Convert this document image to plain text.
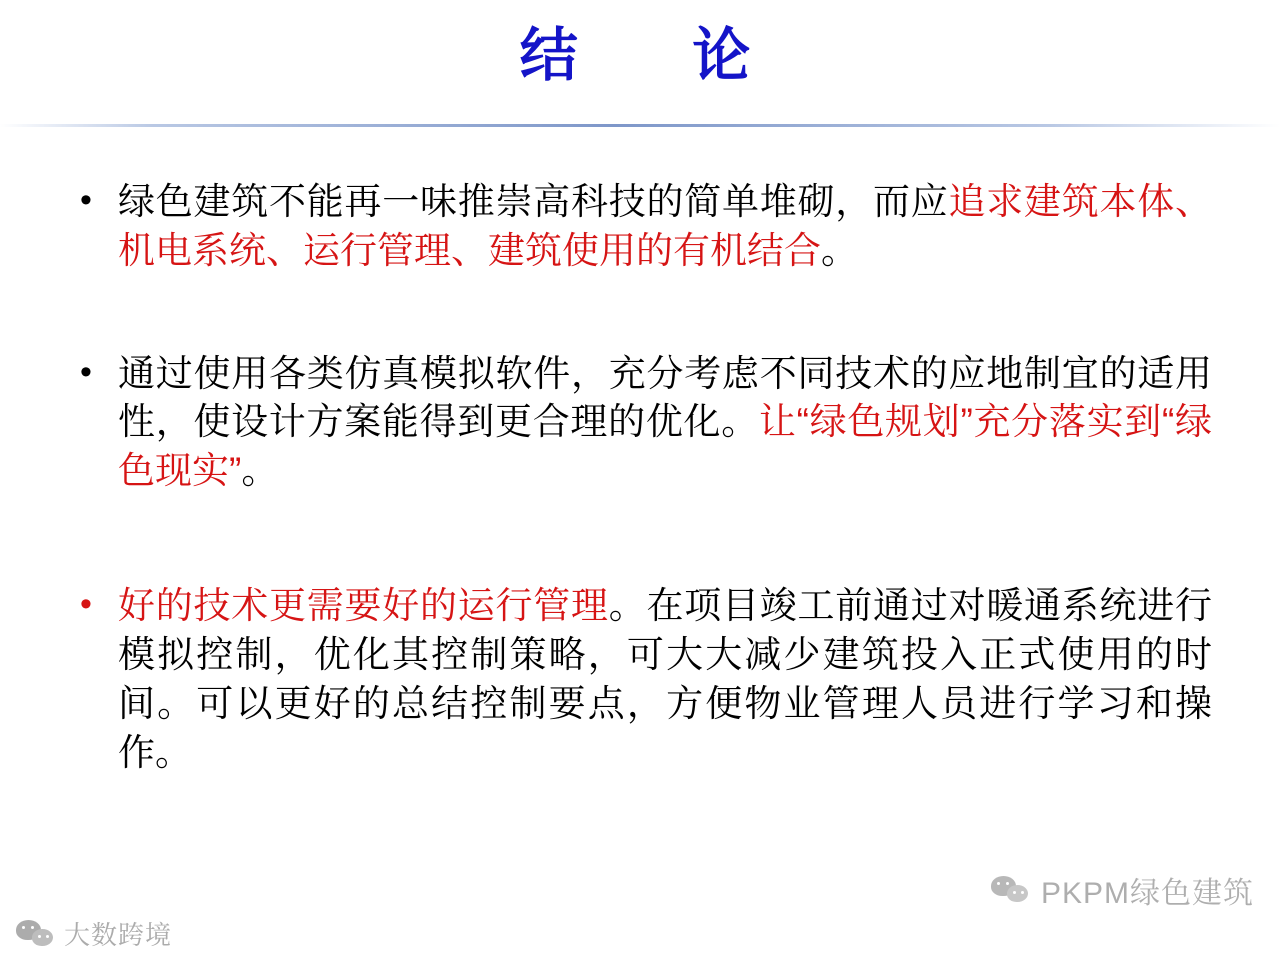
结    论
• 绿色建筑不能再一味推崇高科技的简单堆砌，而应追求建筑本体、机电系统、运行管理、建筑使用的有机结合。
• 通过使用各类仿真模拟软件，充分考虑不同技术的应地制宜的适用性，使设计方案能得到更合理的优化。让“绿色规划”充分落实到“绿色现实”。
• 好的技术更需要好的运行管理。在项目竣工前通过对暖通系统进行模拟控制，优化其控制策略，可大大减少建筑投入正式使用的时间。可以更好的总结控制要点，方便物业管理人员进行学习和操作。
PKPM绿色建筑
大数跨境
